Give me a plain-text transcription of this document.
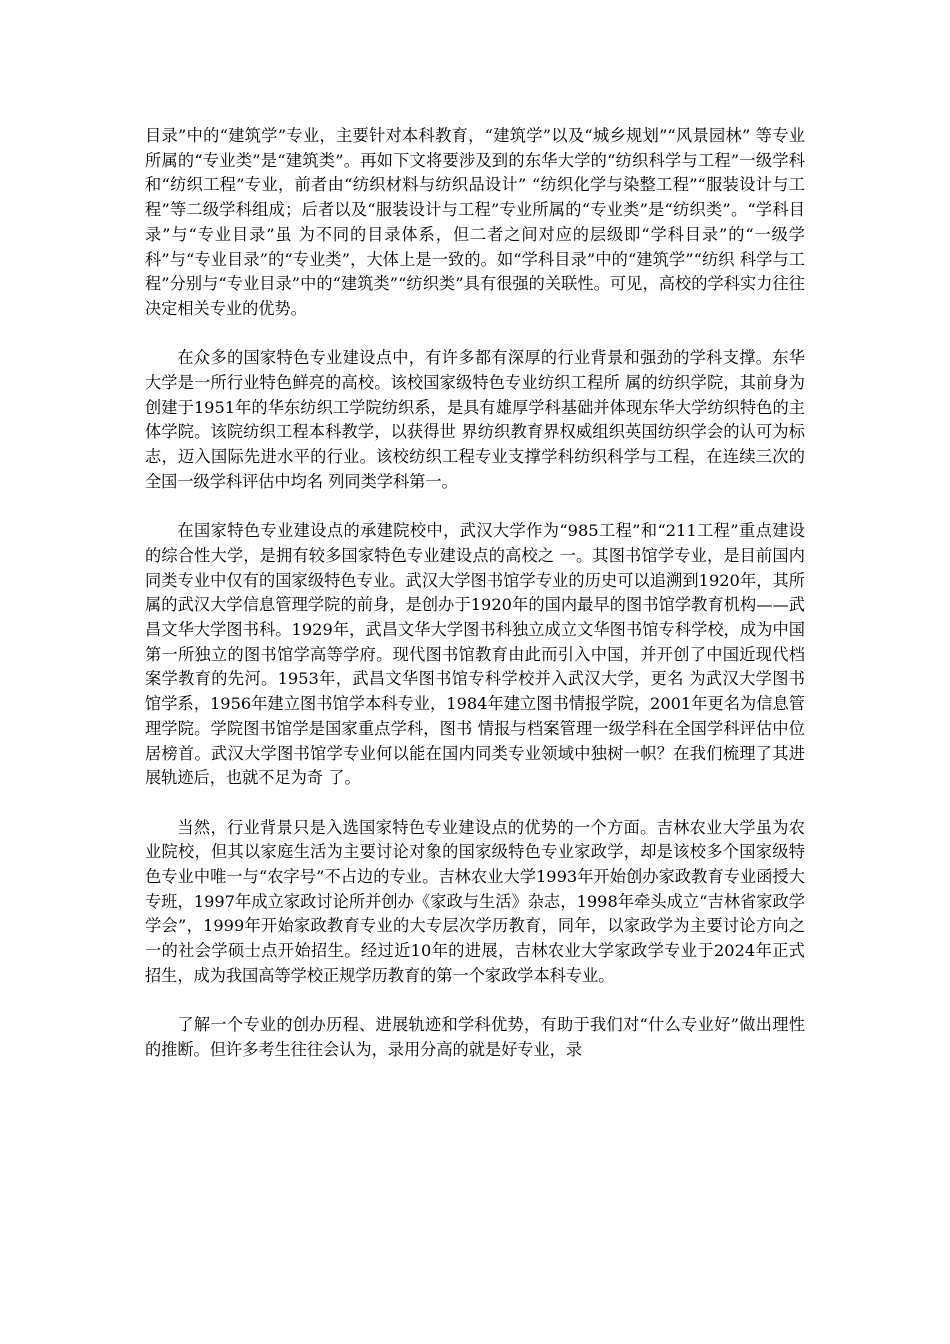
目录”中的“建筑学”专业，主要针对本科教育，“建筑学”以及“城乡规划”“风景园林” 等专业所属的“专业类”是“建筑类”。再如下文将要涉及到的东华大学的“纺织科学与工程”一级学科和“纺织工程”专业，前者由“纺织材料与纺织品设计” “纺织化学与染整工程”“服装设计与工程”等二级学科组成；后者以及“服装设计与工程”专业所属的“专业类”是“纺织类”。“学科目录”与“专业目录”虽 为不同的目录体系，但二者之间对应的层级即“学科目录”的“一级学科”与“专业目录”的“专业类”，大体上是一致的。如“学科目录”中的“建筑学”“纺织 科学与工程”分别与“专业目录”中的“建筑类”“纺织类”具有很强的关联性。可见，高校的学科实力往往决定相关专业的优势。

在众多的国家特色专业建设点中，有许多都有深厚的行业背景和强劲的学科支撑。东华大学是一所行业特色鲜亮的高校。该校国家级特色专业纺织工程所 属的纺织学院，其前身为创建于1951年的华东纺织工学院纺织系，是具有雄厚学科基础并体现东华大学纺织特色的主体学院。该院纺织工程本科教学，以获得世 界纺织教育界权威组织英国纺织学会的认可为标志，迈入国际先进水平的行业。该校纺织工程专业支撑学科纺织科学与工程，在连续三次的全国一级学科评估中均名 列同类学科第一。

在国家特色专业建设点的承建院校中，武汉大学作为“985工程”和“211工程”重点建设的综合性大学，是拥有较多国家特色专业建设点的高校之 一。其图书馆学专业，是目前国内同类专业中仅有的国家级特色专业。武汉大学图书馆学专业的历史可以追溯到1920年，其所属的武汉大学信息管理学院的前身，是创办于1920年的国内最早的图书馆学教育机构——武昌文华大学图书科。1929年，武昌文华大学图书科独立成立文华图书馆专科学校，成为中国第一所独立的图书馆学高等学府。现代图书馆教育由此而引入中国，并开创了中国近现代档案学教育的先河。1953年，武昌文华图书馆专科学校并入武汉大学，更名 为武汉大学图书馆学系，1956年建立图书馆学本科专业，1984年建立图书情报学院，2001年更名为信息管理学院。学院图书馆学是国家重点学科，图书 情报与档案管理一级学科在全国学科评估中位居榜首。武汉大学图书馆学专业何以能在国内同类专业领域中独树一帜？在我们梳理了其进展轨迹后，也就不足为奇 了。

当然，行业背景只是入选国家特色专业建设点的优势的一个方面。吉林农业大学虽为农业院校，但其以家庭生活为主要讨论对象的国家级特色专业家政学，却是该校多个国家级特色专业中唯一与“农字号”不占边的专业。吉林农业大学1993年开始创办家政教育专业函授大专班，1997年成立家政讨论所并创办《家政与生活》杂志，1998年牵头成立“吉林省家政学学会”，1999年开始家政教育专业的大专层次学历教育，同年，以家政学为主要讨论方向之一的社会学硕士点开始招生。经过近10年的进展，吉林农业大学家政学专业于2024年正式招生，成为我国高等学校正规学历教育的第一个家政学本科专业。

了解一个专业的创办历程、进展轨迹和学科优势，有助于我们对“什么专业好”做出理性的推断。但许多考生往往会认为，录用分高的就是好专业，录
